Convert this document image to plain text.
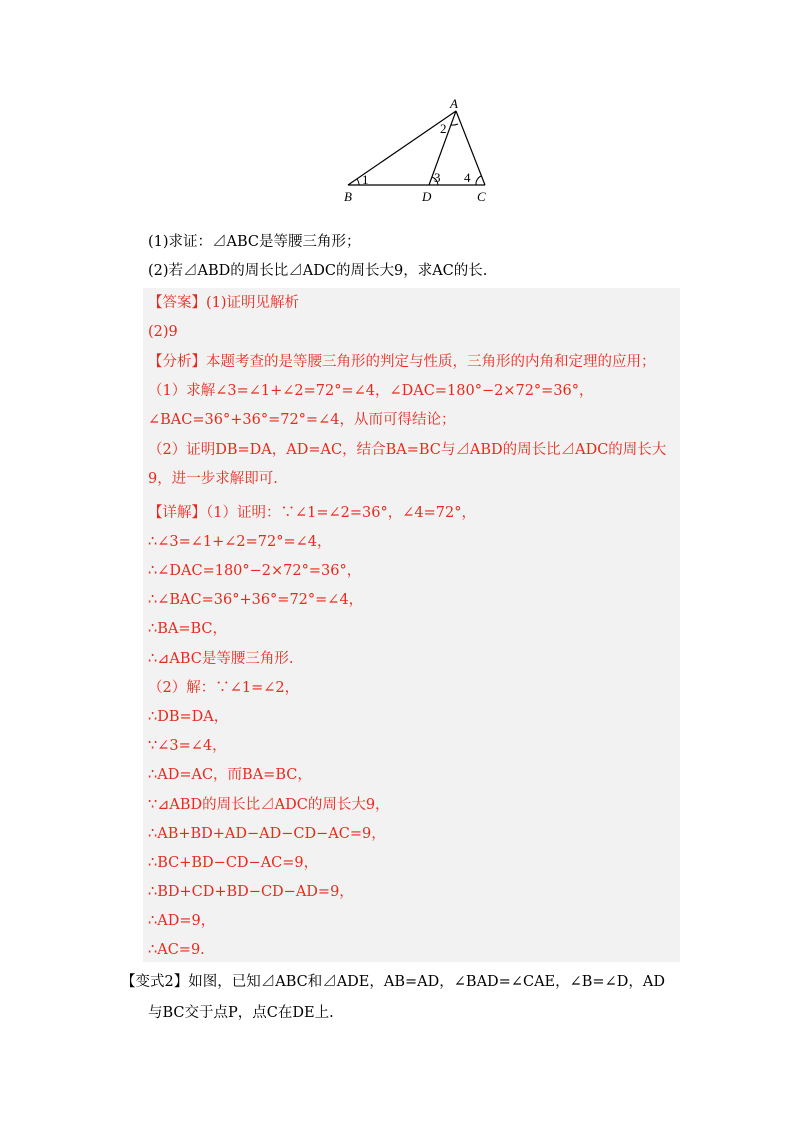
A
B	D	C
1
2
3 4
(1)求证：⊿ABC是等腰三角形；
(2)若⊿ABD的周长比⊿ADC的周长大9，求AC的长.
【答案】(1)证明见解析
(2)9
【分析】本题考查的是等腰三角形的判定与性质，三角形的内角和定理的应用；
（1）求解∠3=∠1+∠2=72°=∠4，∠DAC=180°−2×72°=36°，
∠BAC=36°+36°=72°=∠4，从而可得结论；
（2）证明DB=DA，AD=AC，结合BA=BC与⊿ABD的周长比⊿ADC的周长大
9，进一步求解即可.
【详解】（1）证明：∵∠1=∠2=36°，∠4=72°，
∴∠3=∠1+∠2=72°=∠4，
∴∠DAC=180°−2×72°=36°，
∴∠BAC=36°+36°=72°=∠4，
∴BA=BC，
∴⊿ABC是等腰三角形.
（2）解：∵∠1=∠2，
∴DB=DA，
∵∠3=∠4，
∴AD=AC，而BA=BC，
∵⊿ABD的周长比⊿ADC的周长大9，
∴AB+BD+AD−AD−CD−AC=9，
∴BC+BD−CD−AC=9，
∴BD+CD+BD−CD−AD=9，
∴AD=9，
∴AC=9.
【变式2】如图，已知⊿ABC和⊿ADE，AB=AD，∠BAD=∠CAE，∠B=∠D，AD
与BC交于点P，点C在DE上.
